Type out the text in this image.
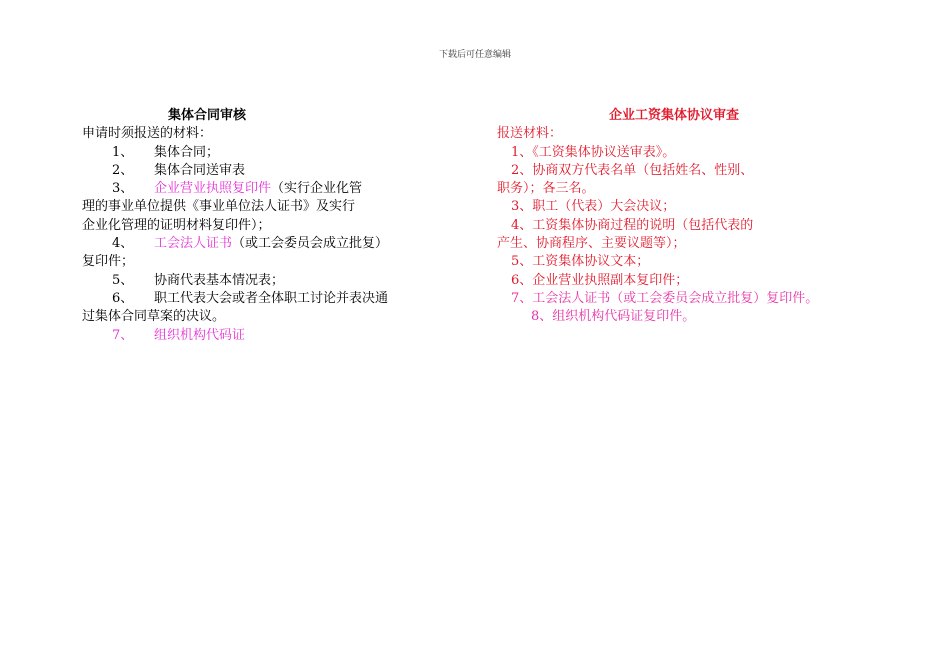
下载后可任意编辑
集体合同审核
申请时须报送的材料：
1、 集体合同；
2、 集体合同送审表
3、 企业营业执照复印件（实行企业化管
理的事业单位提供《事业单位法人证书》及实行
企业化管理的证明材料复印件）；
4、 工会法人证书（或工会委员会成立批复）
复印件；
5、 协商代表基本情况表；
6、 职工代表大会或者全体职工讨论并表决通
过集体合同草案的决议。
7、 组织机构代码证
企业工资集体协议审查
报送材料：
1、《工资集体协议送审表》。
2、协商双方代表名单（包括姓名、性别、
职务）；各三名。
3、职工（代表）大会决议；
4、工资集体协商过程的说明（包括代表的
产生、协商程序、主要议题等）；
5、工资集体协议文本；
6、企业营业执照副本复印件；
7、工会法人证书（或工会委员会成立批复）复印件。
8、组织机构代码证复印件。
